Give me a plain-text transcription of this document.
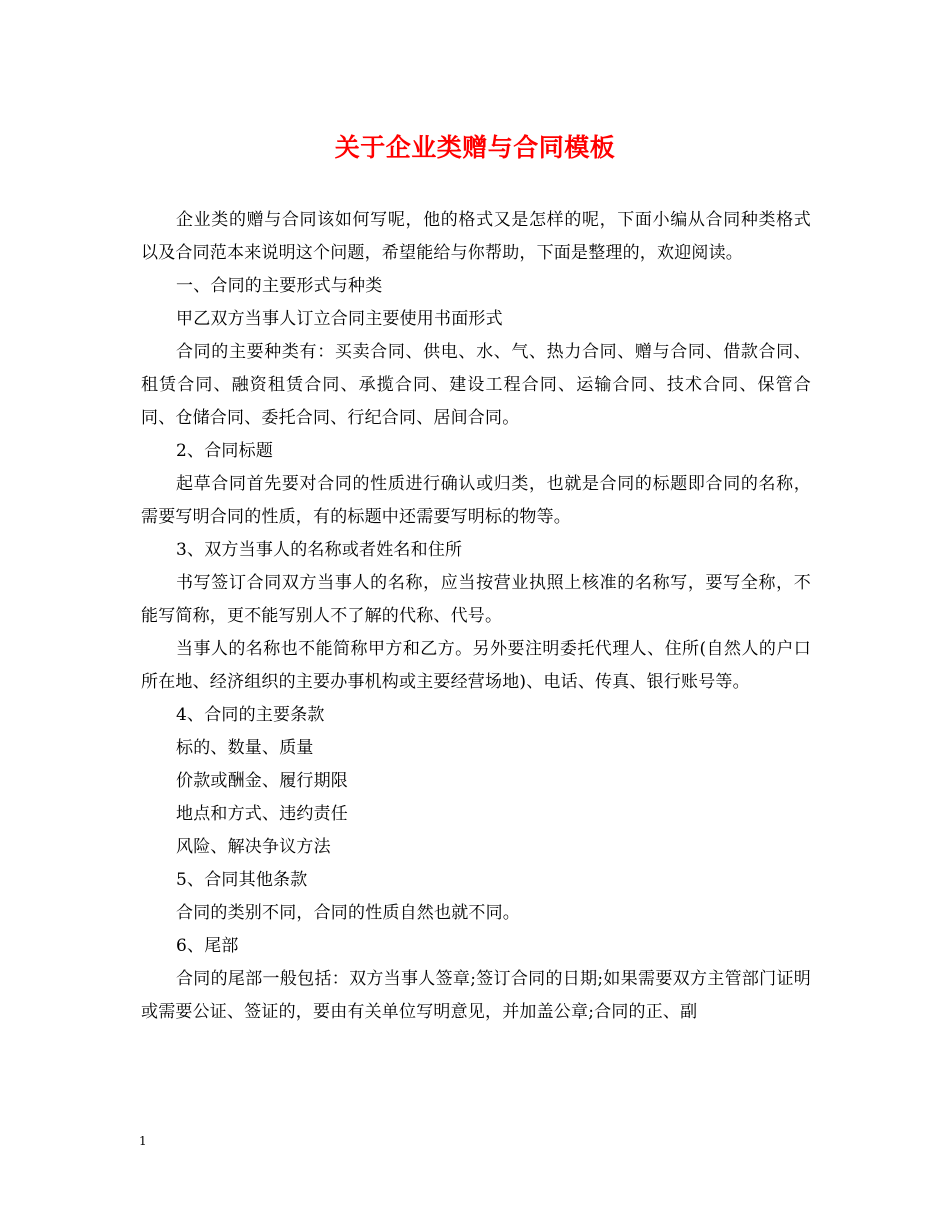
关于企业类赠与合同模板

企业类的赠与合同该如何写呢，他的格式又是怎样的呢，下面小编从合同种类格式以及合同范本来说明这个问题，希望能给与你帮助，下面是整理的，欢迎阅读。

一、合同的主要形式与种类

甲乙双方当事人订立合同主要使用书面形式

合同的主要种类有：买卖合同、供电、水、气、热力合同、赠与合同、借款合同、租赁合同、融资租赁合同、承揽合同、建设工程合同、运输合同、技术合同、保管合同、仓储合同、委托合同、行纪合同、居间合同。

2、合同标题

起草合同首先要对合同的性质进行确认或归类，也就是合同的标题即合同的名称，需要写明合同的性质，有的标题中还需要写明标的物等。

3、双方当事人的名称或者姓名和住所

书写签订合同双方当事人的名称，应当按营业执照上核准的名称写，要写全称，不能写简称，更不能写别人不了解的代称、代号。

当事人的名称也不能简称甲方和乙方。另外要注明委托代理人、住所(自然人的户口所在地、经济组织的主要办事机构或主要经营场地)、电话、传真、银行账号等。

4、合同的主要条款

标的、数量、质量

价款或酬金、履行期限

地点和方式、违约责任

风险、解决争议方法

5、合同其他条款

合同的类别不同，合同的性质自然也就不同。

6、尾部

合同的尾部一般包括：双方当事人签章;签订合同的日期;如果需要双方主管部门证明或需要公证、签证的，要由有关单位写明意见，并加盖公章;合同的正、副

1
